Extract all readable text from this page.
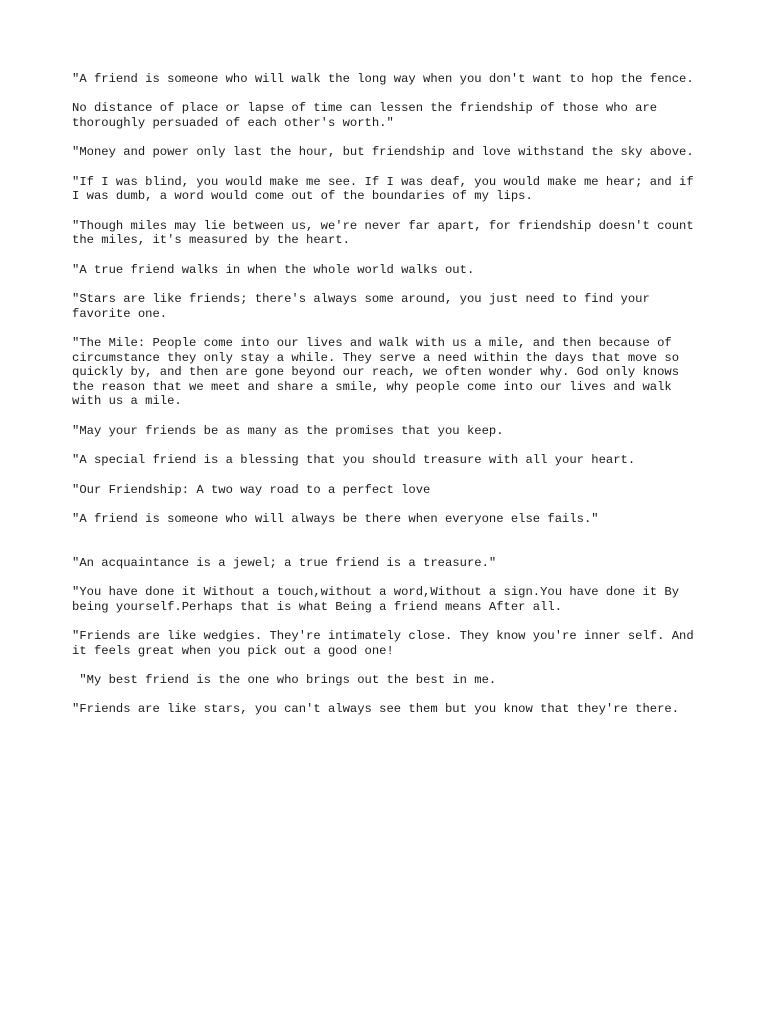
"A friend is someone who will walk the long way when you don't want to hop the fence.

No distance of place or lapse of time can lessen the friendship of those who are thoroughly persuaded of each other's worth."

"Money and power only last the hour, but friendship and love withstand the sky above.

"If I was blind, you would make me see. If I was deaf, you would make me hear; and if I was dumb, a word would come out of the boundaries of my lips.

"Though miles may lie between us, we're never far apart, for friendship doesn't count the miles, it's measured by the heart.

"A true friend walks in when the whole world walks out.

"Stars are like friends; there's always some around, you just need to find your favorite one.

"The Mile: People come into our lives and walk with us a mile, and then because of circumstance they only stay a while. They serve a need within the days that move so quickly by, and then are gone beyond our reach, we often wonder why. God only knows the reason that we meet and share a smile, why people come into our lives and walk with us a mile.

"May your friends be as many as the promises that you keep.

"A special friend is a blessing that you should treasure with all your heart.

"Our Friendship: A two way road to a perfect love

"A friend is someone who will always be there when everyone else fails."

"An acquaintance is a jewel; a true friend is a treasure."

"You have done it Without a touch,without a word,Without a sign.You have done it By being yourself.Perhaps that is what Being a friend means After all.

"Friends are like wedgies. They're intimately close. They know you're inner self. And it feels great when you pick out a good one!

"My best friend is the one who brings out the best in me.

"Friends are like stars, you can't always see them but you know that they're there.
